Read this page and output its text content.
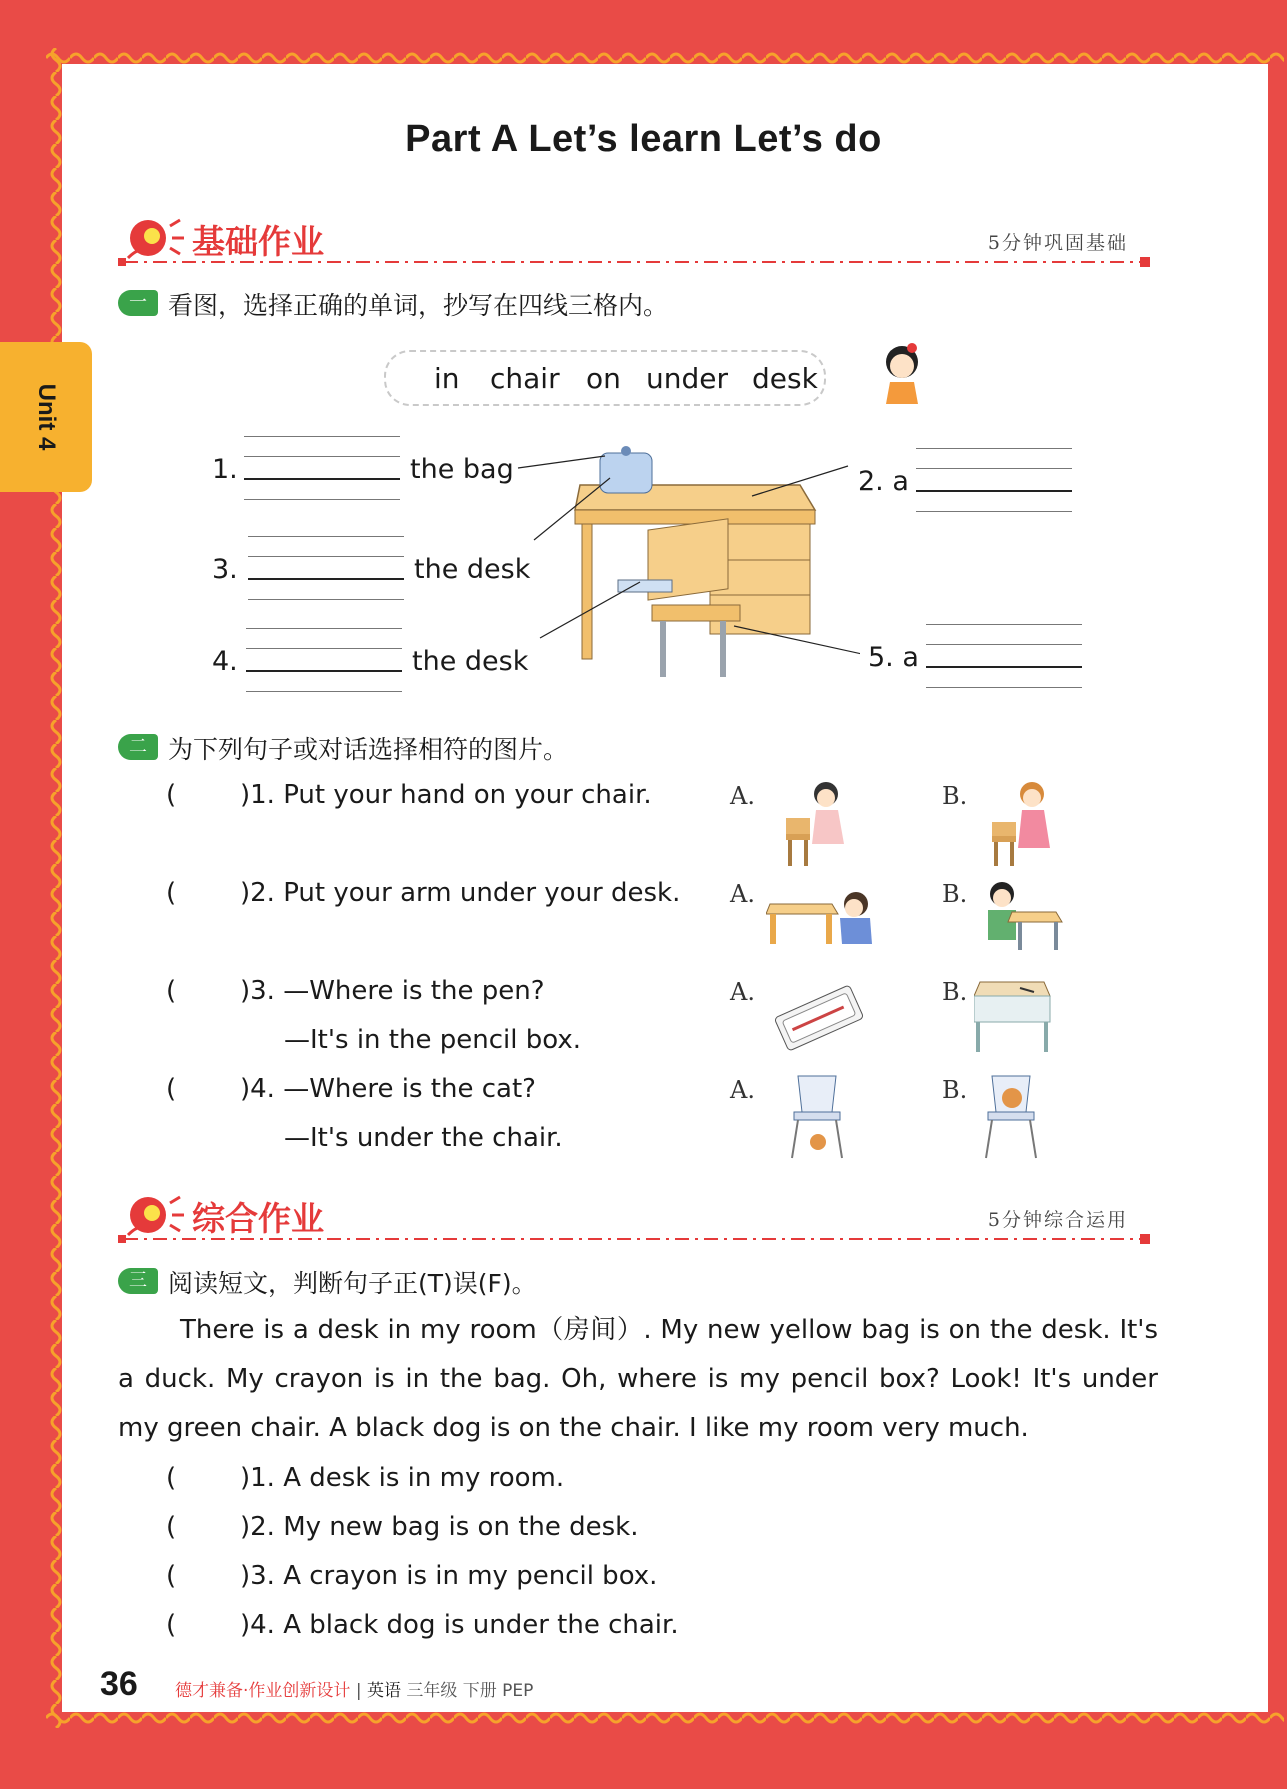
Unit 4
Part A Let’s learn Let’s do
基础作业	5分钟巩固基础
一 看图，选择正确的单词，抄写在四线三格内。
in chair on under desk
1.	the bag	2. a
3.	the desk
4.	the desk	5. a
二 为下列句子或对话选择相符的图片。
( )1. Put your hand on your chair.	A.	B.
( )2. Put your arm under your desk. A.	B.
( )3. —Where is the pen?
—It's in the pencil box.
A.	B.
( )4. —Where is the cat?
—It's under the chair.
A.	B.
综合作业	5分钟综合运用
三 阅读短文，判断句子正(T)误(F)。
There is a desk in my room（房间）. My new yellow bag is on the desk. It's a duck. My crayon is in the bag. Oh, where is my pencil box? Look! It's under my green chair. A black dog is on the chair. I like my room very much.
( )1. A desk is in my room.
( )2. My new bag is on the desk.
( )3. A crayon is in my pencil box.
( )4. A black dog is under the chair.
36 德才兼备·作业创新设计 | 英语 三年级 下册 PEP
